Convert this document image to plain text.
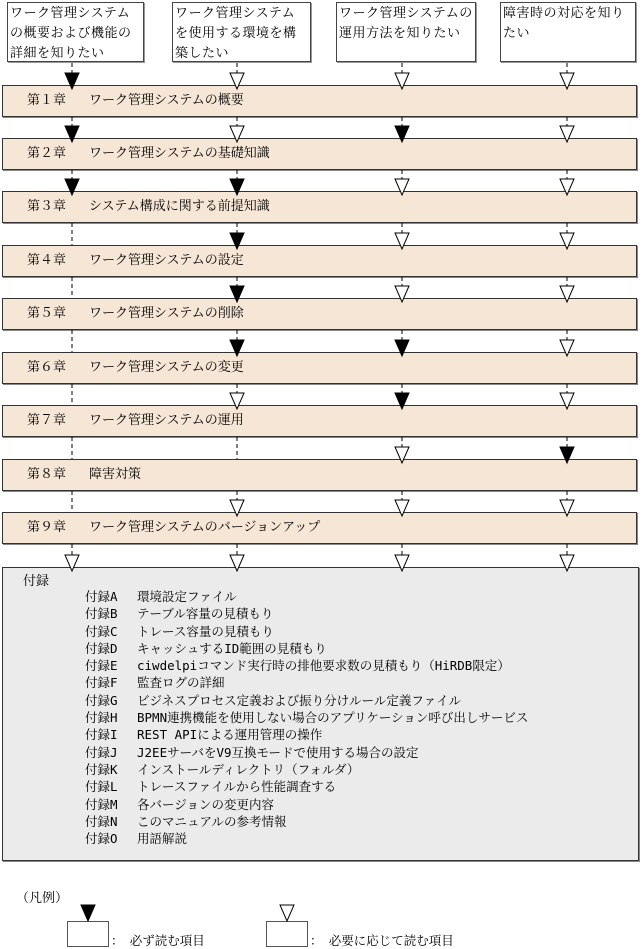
ワーク管理システムの概要および機能の詳細を知りたい
ワーク管理システムを使用する環境を構築したい
ワーク管理システムの運用方法を知りたい
障害時の対応を知りたい
第１章 ワーク管理システムの概要
第２章 ワーク管理システムの基礎知識
第３章 システム構成に関する前提知識
第４章 ワーク管理システムの設定
第５章 ワーク管理システムの削除
第６章 ワーク管理システムの変更
第７章 ワーク管理システムの運用
第８章 障害対策
第９章 ワーク管理システムのバージョンアップ
付録
付録A 環境設定ファイル
付録B テーブル容量の見積もり
付録C トレース容量の見積もり
付録D キャッシュするID範囲の見積もり
付録E ciwdelpiコマンド実行時の排他要求数の見積もり（HiRDB限定）
付録F 監査ログの詳細
付録G ビジネスプロセス定義および振り分けルール定義ファイル
付録H BPMN連携機能を使用しない場合のアプリケーション呼び出しサービス
付録I REST APIによる運用管理の操作
付録J J2EEサーバをV9互換モードで使用する場合の設定
付録K インストールディレクトリ（フォルダ）
付録L トレースファイルから性能調査する
付録M 各バージョンの変更内容
付録N このマニュアルの参考情報
付録O 用語解説
（凡例）
：　必ず読む項目	：　必要に応じて読む項目
